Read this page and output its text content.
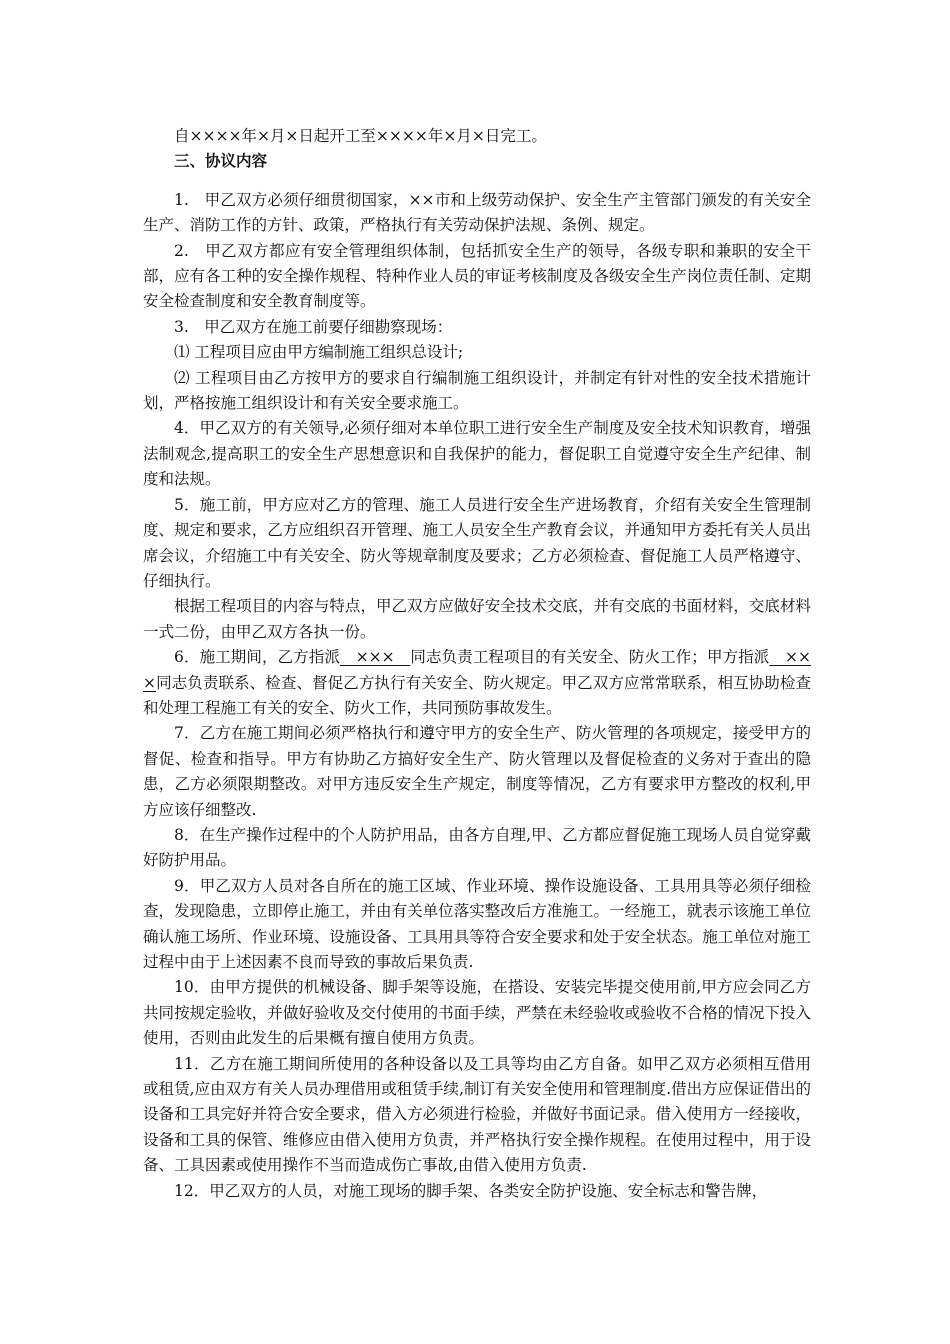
自××××年×月×日起开工至××××年×月×日完工。

三、协议内容

1.　甲乙双方必须仔细贯彻国家，××市和上级劳动保护、安全生产主管部门颁发的有关安全生产、消防工作的方针、政策，严格执行有关劳动保护法规、条例、规定。

2.　甲乙双方都应有安全管理组织体制，包括抓安全生产的领导，各级专职和兼职的安全干部，应有各工种的安全操作规程、特种作业人员的审证考核制度及各级安全生产岗位责任制、定期安全检查制度和安全教育制度等。

3.　甲乙双方在施工前要仔细勘察现场：

⑴ 工程项目应由甲方编制施工组织总设计;

⑵ 工程项目由乙方按甲方的要求自行编制施工组织设计，并制定有针对性的安全技术措施计划，严格按施工组织设计和有关安全要求施工。

4．甲乙双方的有关领导,必须仔细对本单位职工进行安全生产制度及安全技术知识教育，增强法制观念,提高职工的安全生产思想意识和自我保护的能力，督促职工自觉遵守安全生产纪律、制度和法规。

5．施工前，甲方应对乙方的管理、施工人员进行安全生产进场教育，介绍有关安全生管理制度、规定和要求，乙方应组织召开管理、施工人员安全生产教育会议，并通知甲方委托有关人员出席会议，介绍施工中有关安全、防火等规章制度及要求；乙方必须检查、督促施工人员严格遵守、仔细执行。

根据工程项目的内容与特点，甲乙双方应做好安全技术交底，并有交底的书面材料，交底材料一式二份，由甲乙双方各执一份。

6．施工期间，乙方指派　×××　同志负责工程项目的有关安全、防火工作；甲方指派　×××同志负责联系、检查、督促乙方执行有关安全、防火规定。甲乙双方应常常联系，相互协助检查和处理工程施工有关的安全、防火工作，共同预防事故发生。

7．乙方在施工期间必须严格执行和遵守甲方的安全生产、防火管理的各项规定，接受甲方的督促、检查和指导。甲方有协助乙方搞好安全生产、防火管理以及督促检查的义务对于查出的隐患，乙方必须限期整改。对甲方违反安全生产规定，制度等情况，乙方有要求甲方整改的权利,甲方应该仔细整改.

8．在生产操作过程中的个人防护用品，由各方自理,甲、乙方都应督促施工现场人员自觉穿戴好防护用品。

9．甲乙双方人员对各自所在的施工区域、作业环境、操作设施设备、工具用具等必须仔细检查，发现隐患，立即停止施工，并由有关单位落实整改后方准施工。一经施工，就表示该施工单位确认施工场所、作业环境、设施设备、工具用具等符合安全要求和处于安全状态。施工单位对施工过程中由于上述因素不良而导致的事故后果负责.

10．由甲方提供的机械设备、脚手架等设施，在搭设、安装完毕提交使用前,甲方应会同乙方共同按规定验收，并做好验收及交付使用的书面手续，严禁在未经验收或验收不合格的情况下投入使用，否则由此发生的后果概有擅自使用方负责。

11．乙方在施工期间所使用的各种设备以及工具等均由乙方自备。如甲乙双方必须相互借用或租赁,应由双方有关人员办理借用或租赁手续,制订有关安全使用和管理制度.借出方应保证借出的设备和工具完好并符合安全要求，借入方必须进行检验，并做好书面记录。借入使用方一经接收，设备和工具的保管、维修应由借入使用方负责，并严格执行安全操作规程。在使用过程中，用于设备、工具因素或使用操作不当而造成伤亡事故,由借入使用方负责.

12．甲乙双方的人员，对施工现场的脚手架、各类安全防护设施、安全标志和警告牌，
